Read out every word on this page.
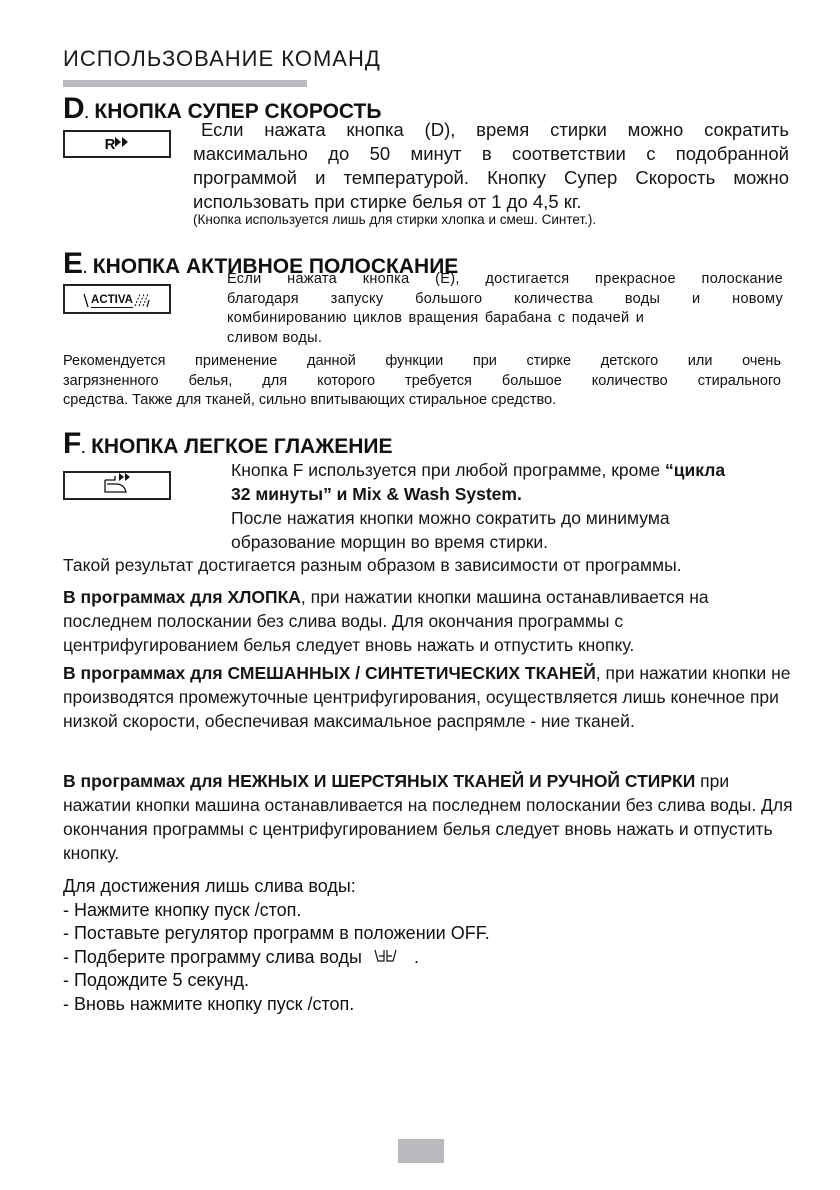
ИСПОЛЬЗОВАНИЕ КОМАНД
D. КНОПКА СУПЕР СКОРОСТЬ
R
Если нажата кнопка (D), время стирки можно сократить
максимально до 50 минут в соответствии с подобранной
программой и температурой. Кнопку Супер Скорость можно
использовать при стирке белья от 1 до 4,5 кг.
(Кнопка используется лишь для стирки хлопка и смеш. Синтет.).
E. КНОПКА АКТИВНОЕ ПОЛОСКАНИЕ
ACTIVA
Если нажата кнопка (E), достигается прекрасное полоскание
благодаря запуску большого количества воды и новому
комбинированию циклов вращения барабана с подачей и
сливом воды.
Рекомендуется применение данной функции при стирке детского или очень
загрязненного белья, для которого требуется большое количество стирального
средства. Также для тканей, сильно впитывающих стиральное средство.
F. КНОПКА ЛЕГКОЕ ГЛАЖЕНИЕ
Кнопка F используется при любой программе, кроме “цикла
32 минуты” и Mix & Wash System.
После нажатия кнопки можно сократить до минимума
образование морщин во время стирки.
Такой результат достигается разным образом в зависимости от программы.
В программах для ХЛОПКА, при нажатии кнопки машина останавливается на последнем полоскании без слива воды. Для окончания программы с центрифугированием белья следует вновь нажать и отпустить кнопку.
В программах для СМЕШАННЫХ / СИНТЕТИЧЕСКИХ ТКАНЕЙ, при нажатии кнопки не производятся промежуточные центрифугирования, осуществляется лишь конечное при низкой скорости, обеспечивая максимальное распрямле - ние тканей.
В программах для НЕЖНЫХ И ШЕРСТЯНЫХ ТКАНЕЙ И РУЧНОЙ СТИРКИ при нажатии кнопки машина останавливается на последнем полоскании без слива воды. Для окончания программы с центрифугированием белья следует вновь нажать и отпустить кнопку.
Для достижения лишь слива воды:
- Нажмите кнопку пуск /стоп.
- Поставьте регулятор программ в положении OFF.
- Подберите программу слива воды	.
- Подождите 5 секунд.
- Вновь нажмите кнопку пуск /стоп.
